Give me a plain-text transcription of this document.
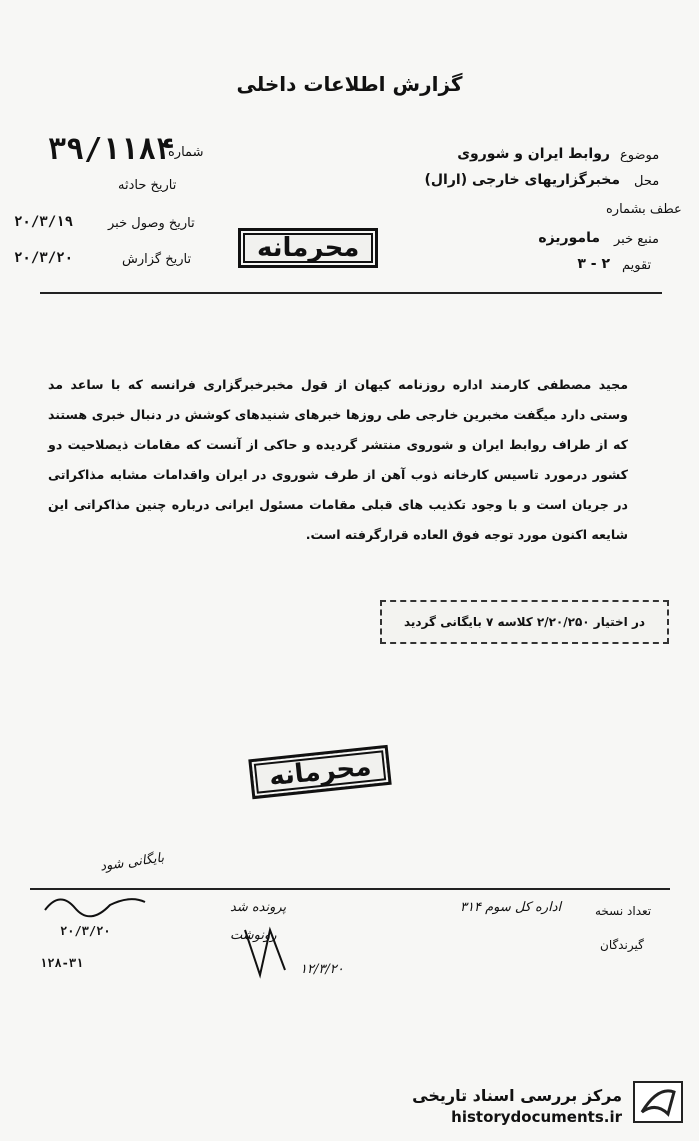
گزارش اطلاعات داخلی
۳۹/۱۱۸۴
شماره
تاریخ حادثه
تاریخ وصول خبر
۲۰/۳/۱۹
تاریخ گزارش
۲۰/۳/۲۰
موضوع
روابط ایران و شوروی
محل
مخبرگزاریهای خارجی (ارال)
عطف بشماره
منبع خبر
ماموریزه
تقویم
۳ - ۲
محرمانه
مجید مصطفی کارمند اداره روزنامه کیهان از قول مخبرخبرگزاری فرانسه که با ساعد مد وستی دارد میگفت مخبرین خارجی طی روزها خبرهای شنیدهای کوشش در دنبال خبری هستند که از طراف روابط ایران و شوروی منتشر گردیده و حاکی از آنست که مقامات ذیصلاحیت دو کشور درمورد تاسیس کارخانه ذوب آهن از طرف شوروی در ایران واقدامات مشابه مذاکراتی در جریان است و با وجود تکذیب های قبلی مقامات مسئول ایرانی درباره چنین مذاکراتی این شایعه اکنون مورد توجه فوق العاده قرارگرفته است.
در اختیار ۲/۲۰/۲۵۰ کلاسه ۷ بایگانی گردید
محرمانه
بایگانی شود
تعداد نسخه
اداره کل سوم ۳۱۴
گیرندگان
پرونده شد
رونوشت
۱۲/۳/۲۰
۲۰/۳/۲۰
۱۲۸-۳۱
مرکز بررسی اسناد تاریخی
historydocuments.ir
